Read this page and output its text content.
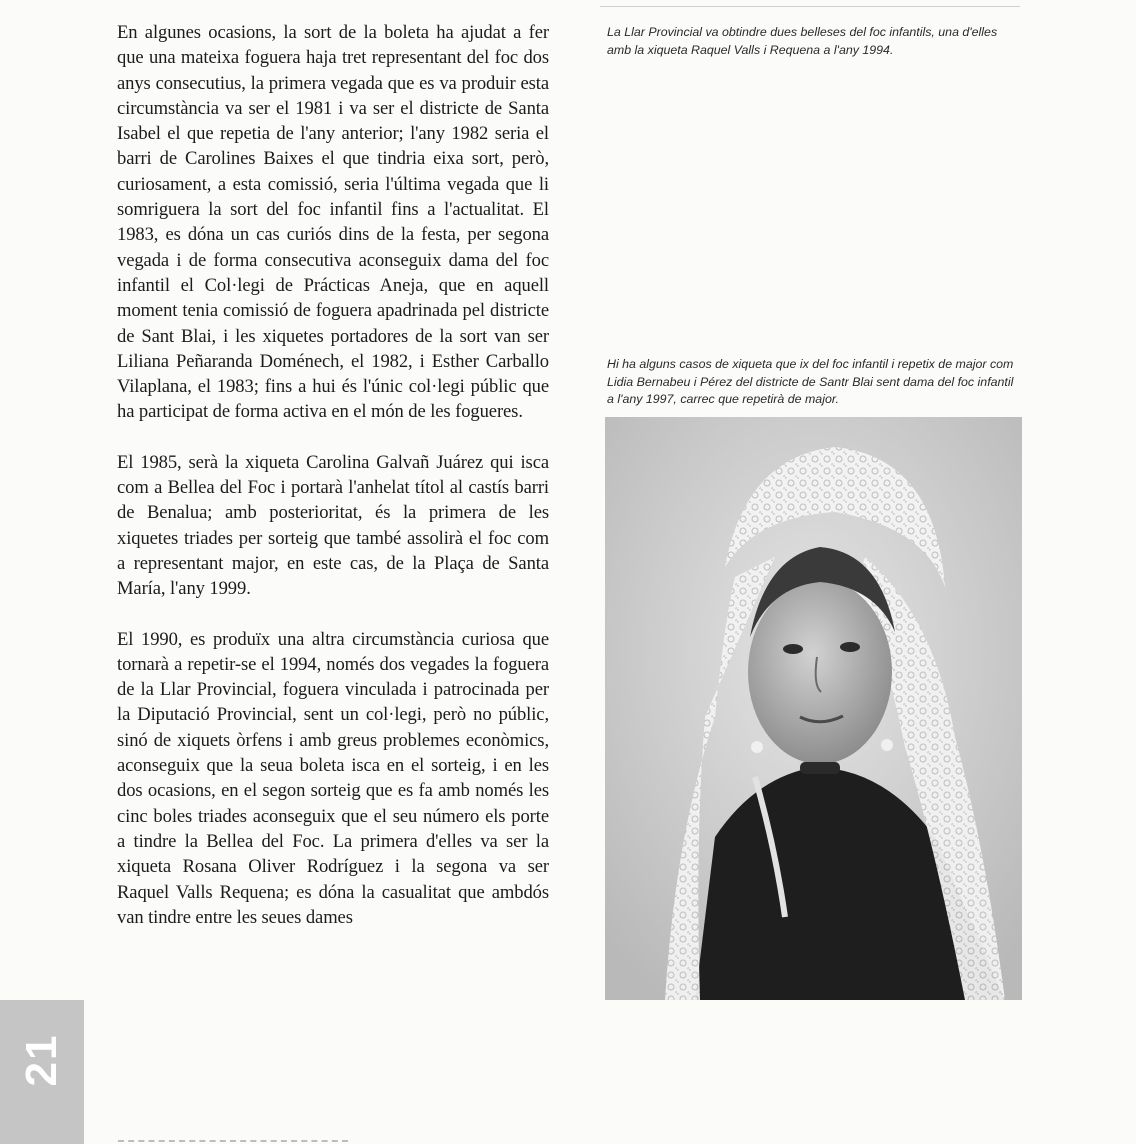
En algunes ocasions, la sort de la boleta ha ajudat a fer que una mateixa foguera haja tret representant del foc dos anys consecutius, la primera vegada que es va produir esta circumstància va ser el 1981 i va ser el districte de Santa Isabel el que repetia de l'any anterior; l'any 1982 seria el barri de Carolines Baixes el que tindria eixa sort, però, curiosament, a esta comissió, seria l'última vegada que li somriguera la sort del foc infantil fins a l'actualitat. El 1983, es dóna un cas curiós dins de la festa, per segona vegada i de forma consecutiva aconseguix dama del foc infantil el Col·legi de Prácticas Aneja, que en aquell moment tenia comissió de foguera apadrinada pel districte de Sant Blai, i les xiquetes portadores de la sort van ser Liliana Peñaranda Doménech, el 1982, i Esther Carballo Vilaplana, el 1983; fins a hui és l'únic col·legi públic que ha participat de forma activa en el món de les fogueres.

El 1985, serà la xiqueta Carolina Galvañ Juárez qui isca com a Bellea del Foc i portarà l'anhelat títol al castís barri de Benalua; amb posterioritat, és la primera de les xiquetes triades per sorteig que també assolirà el foc com a representant major, en este cas, de la Plaça de Santa María, l'any 1999.

El 1990, es produïx una altra circumstància curiosa que tornarà a repetir-se el 1994, només dos vegades la foguera de la Llar Provincial, foguera vinculada i patrocinada per la Diputació Provincial, sent un col·legi, però no públic, sinó de xiquets òrfens i amb greus problemes econòmics, aconseguix que la seua boleta isca en el sorteig, i en les dos ocasions, en el segon sorteig que es fa amb només les cinc boles triades aconseguix que el seu número els porte a tindre la Bellea del Foc. La primera d'elles va ser la xiqueta Rosana Oliver Rodríguez i la segona va ser Raquel Valls Requena; es dóna la casualitat que ambdós van tindre entre les seues dames

La Llar Provincial va obtindre dues belleses del foc infantils, una d'elles amb la xiqueta Raquel Valls i Requena a l'any 1994.

Hi ha alguns casos de xiqueta que ix del foc infantil i repetix de major com Lidia Bernabeu i Pérez del districte de Santr Blai sent dama del foc infantil a l'any 1997, carrec que repetirà de major.

21
